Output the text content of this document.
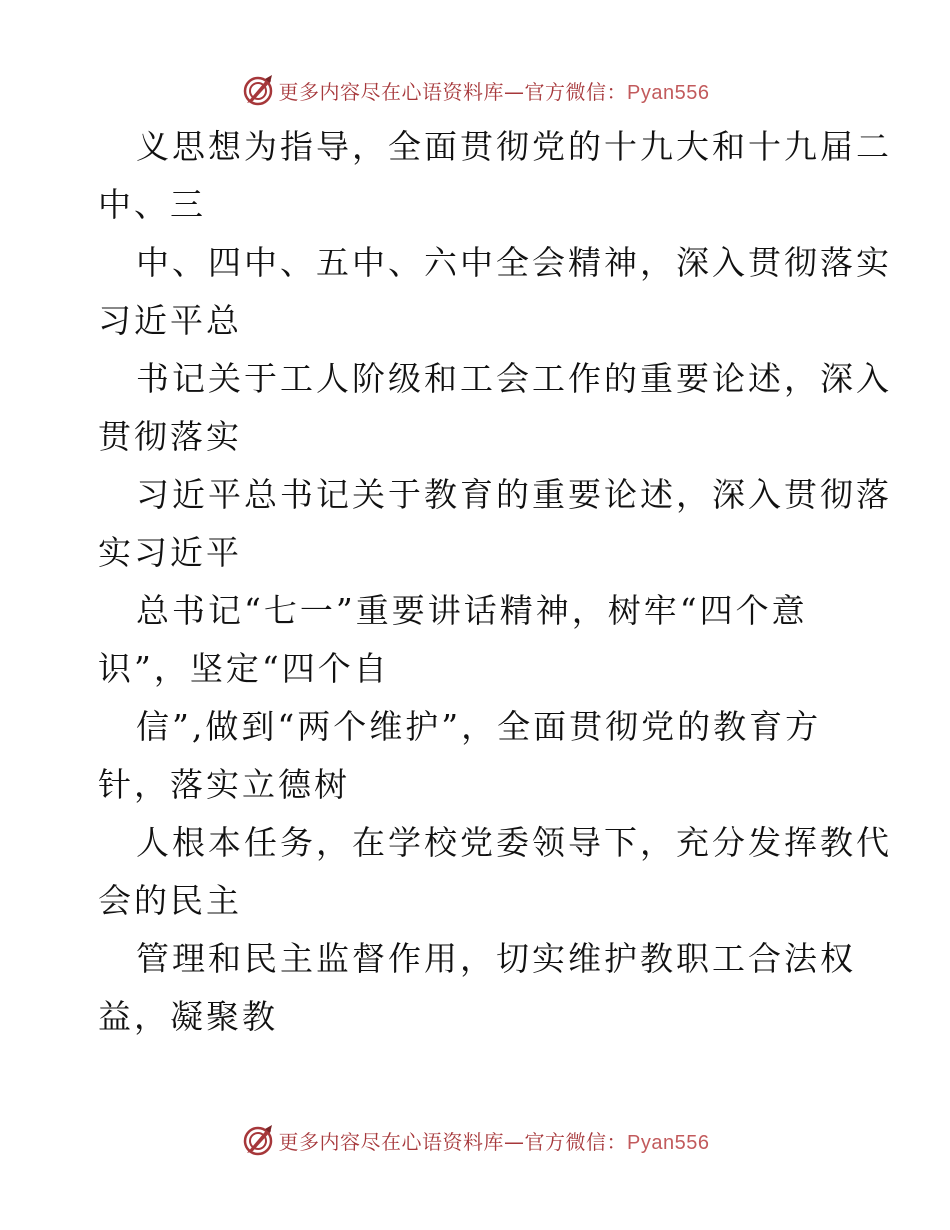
更多内容尽在心语资料库—官方微信：Pyan556
义思想为指导，全面贯彻党的十九大和十九届二
中、三
中、四中、五中、六中全会精神，深入贯彻落实
习近平总
书记关于工人阶级和工会工作的重要论述，深入
贯彻落实
习近平总书记关于教育的重要论述，深入贯彻落
实习近平
总书记“七一”重要讲话精神，树牢“四个意
识”，坚定“四个自
信”,做到“两个维护”，全面贯彻党的教育方
针，落实立德树
人根本任务，在学校党委领导下，充分发挥教代
会的民主
管理和民主监督作用，切实维护教职工合法权
益，凝聚教
更多内容尽在心语资料库—官方微信：Pyan556
